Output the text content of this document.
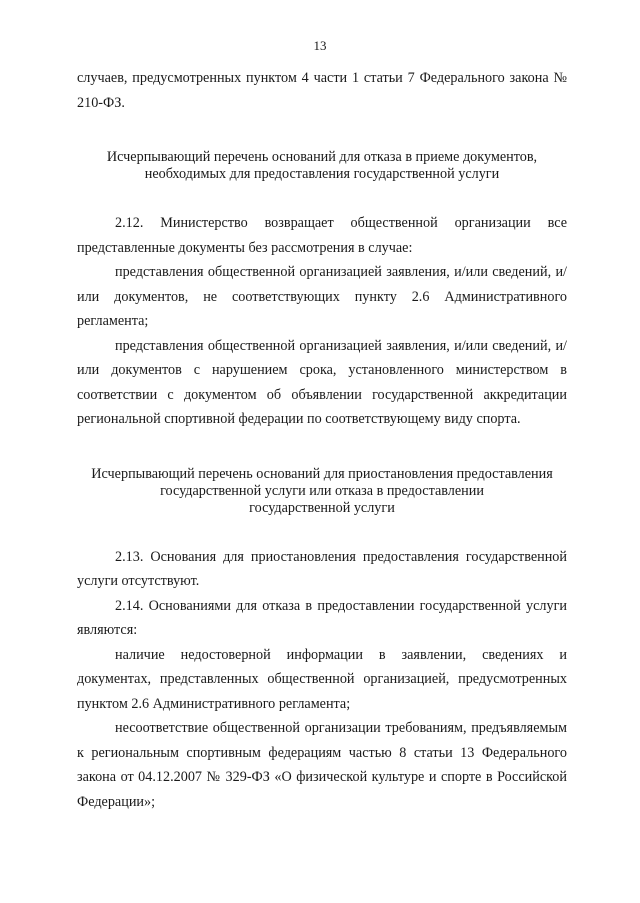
13

случаев, предусмотренных пунктом 4 части 1 статьи 7 Федерального закона № 210-ФЗ.

Исчерпывающий перечень оснований для отказа в приеме документов,
необходимых для предоставления государственной услуги

2.12. Министерство возвращает общественной организации все представленные документы без рассмотрения в случае:

представления общественной организацией заявления, и/или сведений, и/или документов, не соответствующих пункту 2.6 Административного регламента;

представления общественной организацией заявления, и/или сведений, и/или документов с нарушением срока, установленного министерством в соответствии с документом об объявлении государственной аккредитации региональной спортивной федерации по соответствующему виду спорта.

Исчерпывающий перечень оснований для приостановления предоставления
государственной услуги или отказа в предоставлении
государственной услуги

2.13. Основания для приостановления предоставления государственной услуги отсутствуют.

2.14. Основаниями для отказа в предоставлении государственной услуги являются:

наличие недостоверной информации в заявлении, сведениях и документах, представленных общественной организацией, предусмотренных пунктом 2.6 Административного регламента;

несоответствие общественной организации требованиям, предъявляемым к региональным спортивным федерациям частью 8 статьи 13 Федерального закона от 04.12.2007 № 329-ФЗ «О физической культуре и спорте в Российской Федерации»;
